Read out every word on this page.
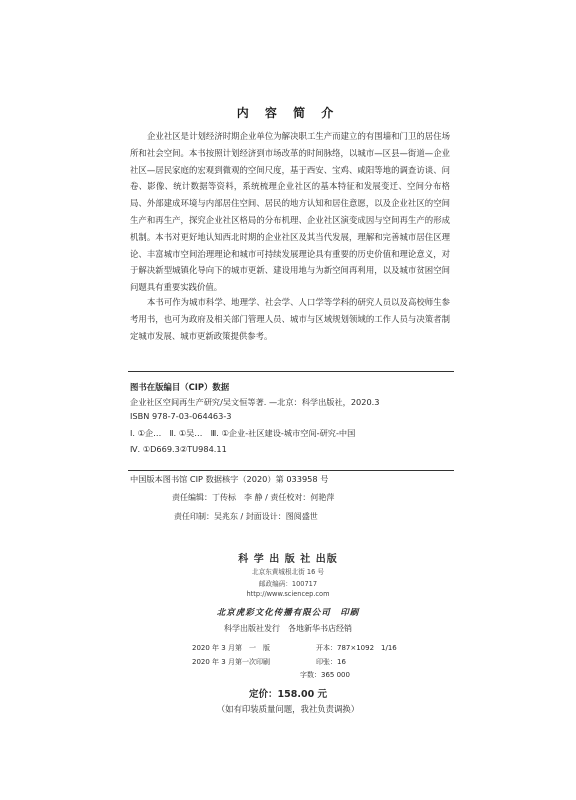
内 容 简 介

企业社区是计划经济时期企业单位为解决职工生产而建立的有围墙和门卫的居住场所和社会空间。本书按照计划经济到市场改革的时间脉络，以城市—区县—街道—企业社区—居民家庭的宏观到微观的空间尺度，基于西安、宝鸡、咸阳等地的调查访谈、问卷、影像、统计数据等资料，系统梳理企业社区的基本特征和发展变迁、空间分布格局、外部建成环境与内部居住空间、居民的地方认知和居住意愿，以及企业社区的空间生产和再生产，探究企业社区格局的分布机理、企业社区演变成因与空间再生产的形成机制。本书对更好地认知西北时期的企业社区及其当代发展，理解和完善城市居住区理论、丰富城市空间治理理论和城市可持续发展理论具有重要的历史价值和理论意义，对于解决新型城镇化导向下的城市更新、建设用地与为新空间再利用，以及城市贫困空间问题具有重要实践价值。

本书可作为城市科学、地理学、社会学、人口学等学科的研究人员以及高校师生参考用书，也可为政府及相关部门管理人员、城市与区域规划领域的工作人员与决策者制定城市发展、城市更新政策提供参考。

图书在版编目（CIP）数据
企业社区空间再生产研究/吴文恒等著. —北京：科学出版社，2020.3
ISBN 978-7-03-064463-3
Ⅰ. ①企…　Ⅱ. ①吴…　Ⅲ. ①企业-社区建设-城市空间-研究-中国
Ⅳ. ①D669.3②TU984.11
中国版本图书馆 CIP 数据核字（2020）第 033958 号
责任编辑：丁传标　李 静 / 责任校对：何艳萍
责任印制：吴兆东 / 封面设计：图阅盛世
科 学 出 版 社 出版
北京东黄城根北街 16 号
邮政编码：100717
http://www.sciencep.com
北京虎彩文化传播有限公司　印刷
科学出版社发行　各地新华书店经销
2020 年 3 月第　一　版	开本：787×1092　1/16
2020 年 3 月第一次印刷	印张：16
字数：365 000
定价：158.00 元
（如有印装质量问题，我社负责调换）
